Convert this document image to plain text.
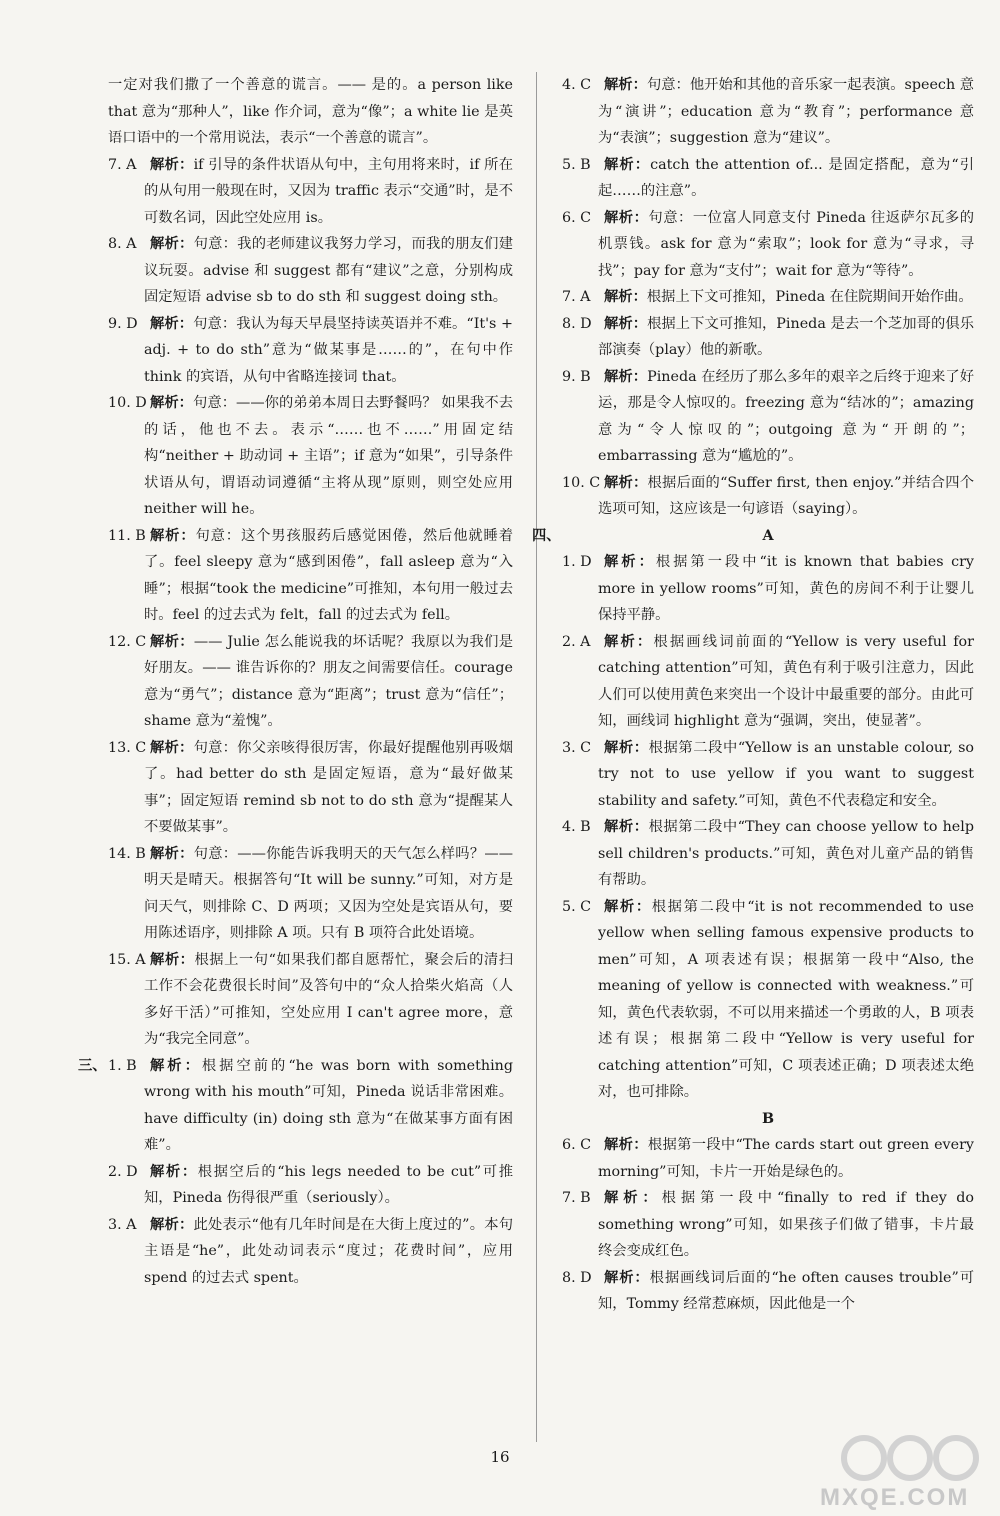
一定对我们撒了一个善意的谎言。—— 是的。a person like that 意为“那种人”，like 作介词，意为“像”；a white lie 是英语口语中的一个常用说法，表示“一个善意的谎言”。

7. A 解析：if 引导的条件状语从句中，主句用将来时，if 所在的从句用一般现在时，又因为 traffic 表示“交通”时，是不可数名词，因此空处应用 is。

8. A 解析：句意：我的老师建议我努力学习，而我的朋友们建议玩耍。advise 和 suggest 都有“建议”之意，分别构成固定短语 advise sb to do sth 和 suggest doing sth。

9. D 解析：句意：我认为每天早晨坚持读英语并不难。“It's + adj. + to do sth”意为“做某事是……的”，在句中作 think 的宾语，从句中省略连接词 that。

10. D 解析：句意：——你的弟弟本周日去野餐吗？ 如果我不去的话，他也不去。表示“……也不……”用固定结构“neither + 助动词 + 主语”；if 意为“如果”，引导条件状语从句，谓语动词遵循“主将从现”原则，则空处应用 neither will he。

11. B 解析：句意：这个男孩服药后感觉困倦，然后他就睡着了。feel sleepy 意为“感到困倦”，fall asleep 意为“入睡”；根据“took the medicine”可推知，本句用一般过去时。feel 的过去式为 felt，fall 的过去式为 fell。

12. C 解析：—— Julie 怎么能说我的坏话呢？我原以为我们是好朋友。—— 谁告诉你的？朋友之间需要信任。courage 意为“勇气”；distance 意为“距离”；trust 意为“信任”；shame 意为“羞愧”。

13. C 解析：句意：你父亲咳得很厉害，你最好提醒他别再吸烟了。had better do sth 是固定短语，意为“最好做某事”；固定短语 remind sb not to do sth 意为“提醒某人不要做某事”。

14. B 解析：句意：——你能告诉我明天的天气怎么样吗？——明天是晴天。根据答句“It will be sunny.”可知，对方是问天气，则排除 C、D 两项；又因为空处是宾语从句，要用陈述语序，则排除 A 项。只有 B 项符合此处语境。

15. A 解析：根据上一句“如果我们都自愿帮忙，聚会后的清扫工作不会花费很长时间”及答句中的“众人拾柴火焰高（人多好干活）”可推知，空处应用 I can't agree more，意为“我完全同意”。

三、 1. B 解析：根据空前的“he was born with something wrong with his mouth”可知，Pineda 说话非常困难。have difficulty (in) doing sth 意为“在做某事方面有困难”。

2. D 解析：根据空后的“his legs needed to be cut”可推知，Pineda 伤得很严重（seriously）。

3. A 解析：此处表示“他有几年时间是在大街上度过的”。本句主语是“he”，此处动词表示“度过；花费时间”，应用 spend 的过去式 spent。

4. C 解析：句意：他开始和其他的音乐家一起表演。speech 意为“演讲”；education 意为“教育”；performance 意为“表演”；suggestion 意为“建议”。

5. B 解析：catch the attention of... 是固定搭配，意为“引起……的注意”。

6. C 解析：句意：一位富人同意支付 Pineda 往返萨尔瓦多的机票钱。ask for 意为“索取”；look for 意为“寻求，寻找”；pay for 意为“支付”；wait for 意为“等待”。

7. A 解析：根据上下文可推知，Pineda 在住院期间开始作曲。

8. D 解析：根据上下文可推知，Pineda 是去一个芝加哥的俱乐部演奏（play）他的新歌。

9. B 解析：Pineda 在经历了那么多年的艰辛之后终于迎来了好运，那是令人惊叹的。freezing 意为“结冰的”；amazing 意为“令人惊叹的”；outgoing 意为“开朗的”；embarrassing 意为“尴尬的”。

10. C 解析：根据后面的“Suffer first, then enjoy.”并结合四个选项可知，这应该是一句谚语（saying）。

四、	A

1. D 解析：根据第一段中“it is known that babies cry more in yellow rooms”可知，黄色的房间不利于让婴儿保持平静。

2. A 解析：根据画线词前面的“Yellow is very useful for catching attention”可知，黄色有利于吸引注意力，因此人们可以使用黄色来突出一个设计中最重要的部分。由此可知，画线词 highlight 意为“强调，突出，使显著”。

3. C 解析：根据第二段中“Yellow is an unstable colour, so try not to use yellow if you want to suggest stability and safety.”可知，黄色不代表稳定和安全。

4. B 解析：根据第二段中“They can choose yellow to help sell children's products.”可知，黄色对儿童产品的销售有帮助。

5. C 解析：根据第二段中“it is not recommended to use yellow when selling famous expensive products to men”可知，A 项表述有误；根据第一段中“Also, the meaning of yellow is connected with weakness.”可知，黄色代表软弱，不可以用来描述一个勇敢的人，B 项表述有误；根据第二段中“Yellow is very useful for catching attention”可知，C 项表述正确；D 项表述太绝对，也可排除。

B

6. C 解析：根据第一段中“The cards start out green every morning”可知，卡片一开始是绿色的。

7. B 解析：根据第一段中“finally to red if they do something wrong”可知，如果孩子们做了错事，卡片最终会变成红色。

8. D 解析：根据画线词后面的“he often causes trouble”可知，Tommy 经常惹麻烦，因此他是一个

16
MXQE.COM
